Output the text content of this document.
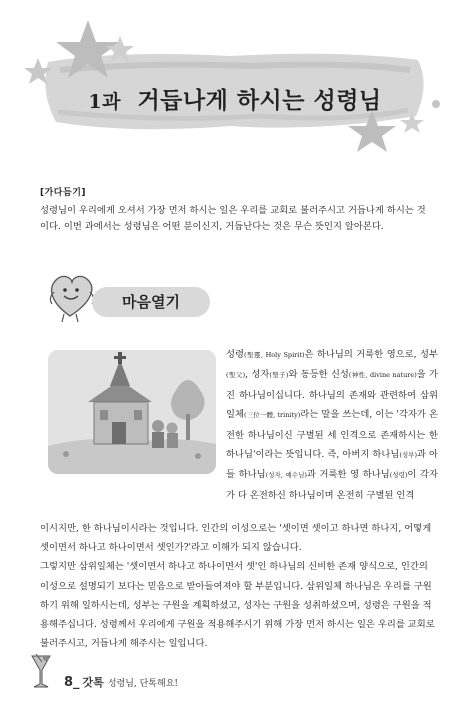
1과 거듭나게 하시는 성령님
[가다듬기]

성령님이 우리에게 오셔서 가장 먼저 하시는 일은 우리를 교회로 불러주시고 거듭나게 하시는 것이다. 이번 과에서는 성령님은 어떤 분이신지, 거듭난다는 것은 무슨 뜻인지 알아본다.

마음열기

성령(聖靈, Holy Spirit)은 하나님의 거룩한 영으로, 성부(聖父), 성자(聖子)와 동등한 신성(神性, divine nature)을 가진 하나님이십니다. 하나님의 존재와 관련하여 삼위일체(三位一體, trinity)라는 말을 쓰는데, 이는 '각자가 온전한 하나님이신 구별된 세 인격으로 존재하시는 한 하나님'이라는 뜻입니다. 즉, 아버지 하나님(성부)과 아들 하나님(성자, 예수님)과 거룩한 영 하나님(성령)이 각자가 다 온전하신 하나님이며 온전히 구별된 인격

이시지만, 한 하나님이시라는 것입니다. 인간의 이성으로는 '셋이면 셋이고 하나면 하나지, 어떻게 셋이면서 하나고 하나이면서 셋인가?'라고 이해가 되지 않습니다.
그렇지만 삼위일체는 '셋이면서 하나고 하나이면서 셋'인 하나님의 신비한 존재 양식으로, 인간의 이성으로 설명되기 보다는 믿음으로 받아들여져야 할 부분입니다. 삼위일체 하나님은 우리를 구원하기 위해 일하시는데, 성부는 구원을 계획하셨고, 성자는 구원을 성취하셨으며, 성령은 구원을 적용해주십니다. 성령께서 우리에게 구원을 적용해주시기 위해 가장 먼저 하시는 일은 우리를 교회로 불러주시고, 거듭나게 해주시는 일입니다.

8_ 갓톡 성령님, 단톡해요!
